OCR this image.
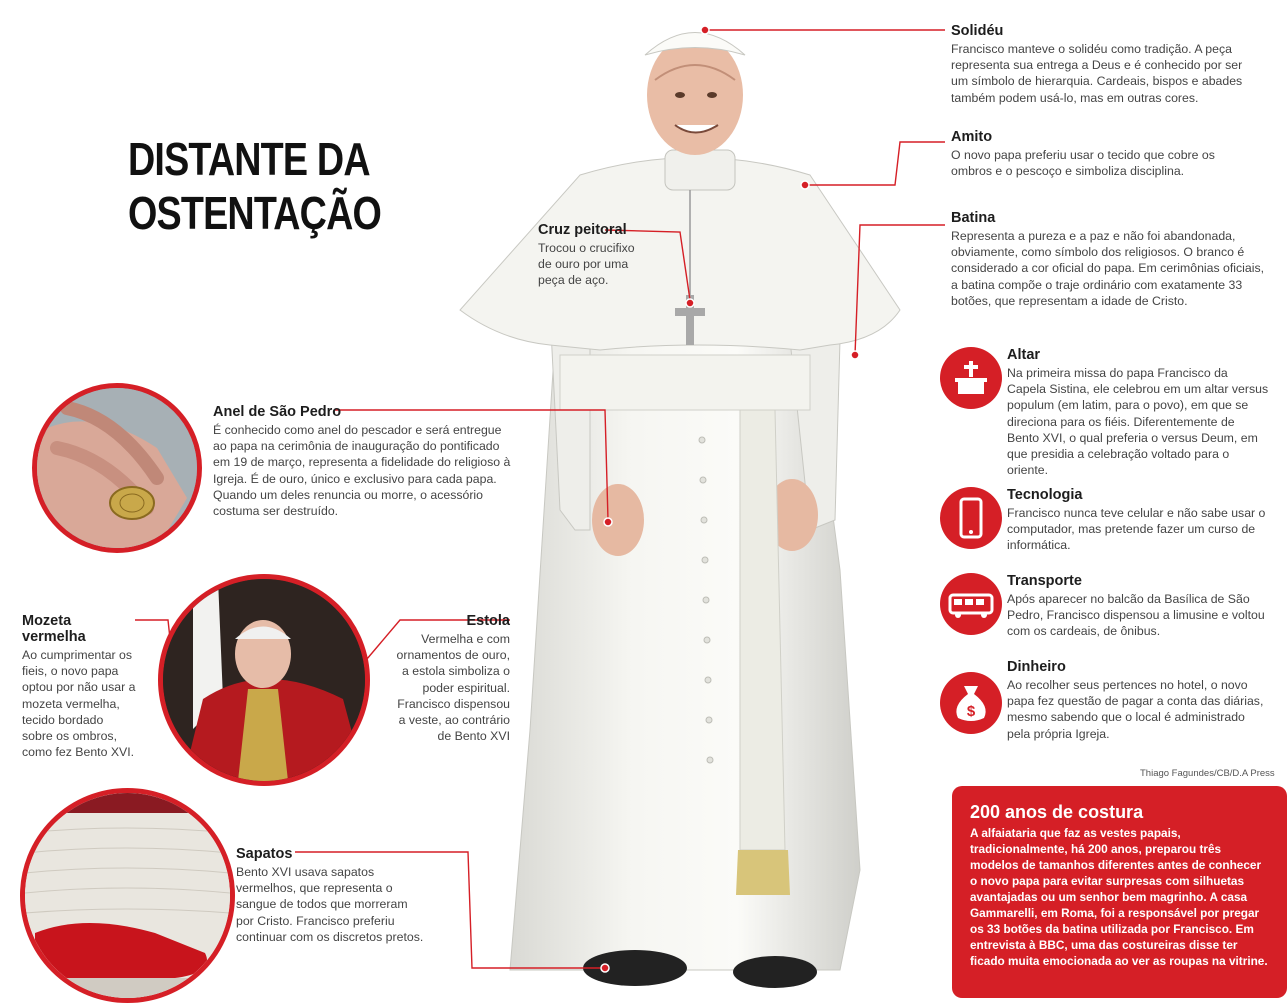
DISTANTE DA
OSTENTAÇÃO
Solidéu

Francisco manteve o solidéu como tradição. A peça representa sua entrega a Deus e é conhecido por ser um símbolo de hierarquia. Cardeais, bispos e abades também podem usá-lo, mas em outras cores.

Amito

O novo papa preferiu usar o tecido que cobre os ombros e o pescoço e simboliza disciplina.

Batina

Representa a pureza e a paz e não foi abandonada, obviamente, como símbolo dos religiosos. O branco é considerado a cor oficial do papa. Em cerimônias oficiais, a batina compõe o traje ordinário com exatamente 33 botões, que representam a idade de Cristo.

Cruz peitoral

Trocou o crucifixo de ouro por uma peça de aço.

Anel de São Pedro

É conhecido como anel do pescador e será entregue ao papa na cerimônia de inauguração do pontificado em 19 de março, representa a fidelidade do religioso à Igreja. É de ouro, único e exclusivo para cada papa. Quando um deles renuncia ou morre, o acessório costuma ser destruído.

Mozeta vermelha

Ao cumprimentar os fieis, o novo papa optou por não usar a mozeta vermelha, tecido bordado sobre os ombros, como fez Bento XVI.

Estola

Vermelha e com ornamentos de ouro, a estola simboliza o poder espiritual. Francisco dispensou a veste, ao contrário de Bento XVI

Sapatos

Bento XVI usava sapatos vermelhos, que representa o sangue de todos que morreram por Cristo. Francisco preferiu continuar com os discretos pretos.

Altar

Na primeira missa do papa Francisco da Capela Sistina, ele celebrou em um altar versus populum (em latim, para o povo), em que se direciona para os fiéis. Diferentemente de Bento XVI, o qual preferia o versus Deum, em que presidia a celebração voltado para o oriente.

Tecnologia

Francisco nunca teve celular e não sabe usar o computador, mas pretende fazer um curso de informática.

Transporte

Após aparecer no balcão da Basílica de São Pedro, Francisco dispensou a limusine e voltou com os cardeais, de ônibus.

$
Dinheiro

Ao recolher seus pertences no hotel, o novo papa fez questão de pagar a conta das diárias, mesmo sabendo que o local é administrado pela própria Igreja.

Thiago Fagundes/CB/D.A Press
200 anos de costura

A alfaiataria que faz as vestes papais, tradicionalmente, há 200 anos, preparou três modelos de tamanhos diferentes antes de conhecer o novo papa para evitar surpresas com silhuetas avantajadas ou um senhor bem magrinho. A casa Gammarelli, em Roma, foi a responsável por pregar os 33 botões da batina utilizada por Francisco. Em entrevista à BBC, uma das costureiras disse ter ficado muita emocionada ao ver as roupas na vitrine.
